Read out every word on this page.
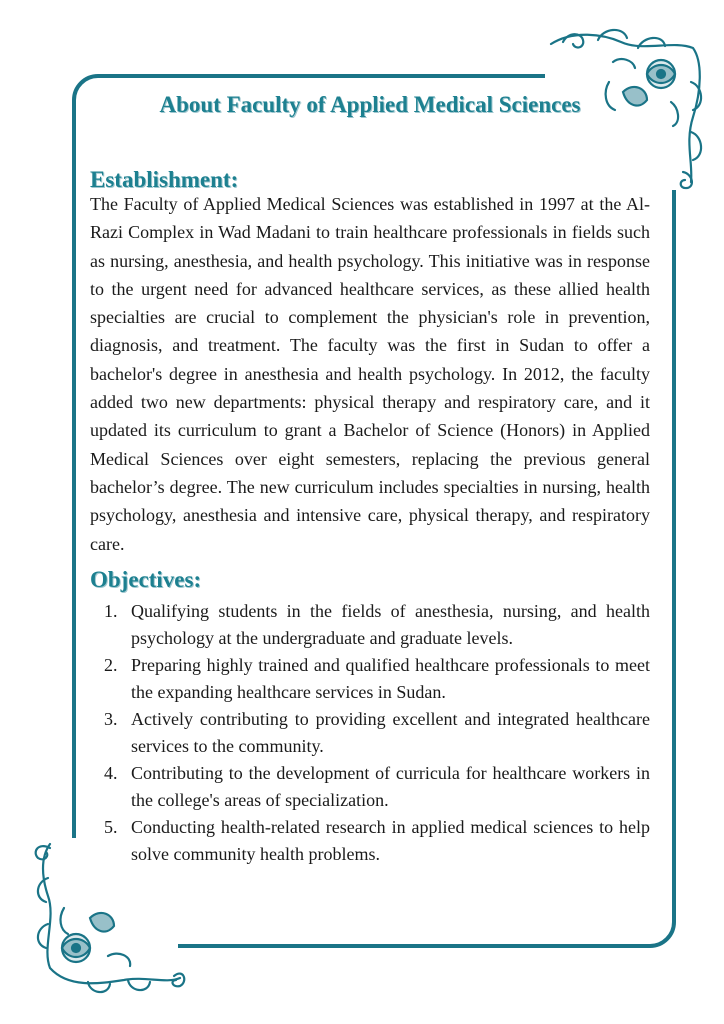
About Faculty of Applied Medical Sciences
Establishment:

The Faculty of Applied Medical Sciences was established in 1997 at the Al-Razi Complex in Wad Madani to train healthcare professionals in fields such as nursing, anesthesia, and health psychology. This initiative was in response to the urgent need for advanced healthcare services, as these allied health specialties are crucial to complement the physician's role in prevention, diagnosis, and treatment. The faculty was the first in Sudan to offer a bachelor's degree in anesthesia and health psychology. In 2012, the faculty added two new departments: physical therapy and respiratory care, and it updated its curriculum to grant a Bachelor of Science (Honors) in Applied Medical Sciences over eight semesters, replacing the previous general bachelor’s degree. The new curriculum includes specialties in nursing, health psychology, anesthesia and intensive care, physical therapy, and respiratory care.

Objectives:
1. Qualifying students in the fields of anesthesia, nursing, and health psychology at the undergraduate and graduate levels.
2. Preparing highly trained and qualified healthcare professionals to meet the expanding healthcare services in Sudan.
3. Actively contributing to providing excellent and integrated healthcare services to the community.
4. Contributing to the development of curricula for healthcare workers in the college's areas of specialization.
5. Conducting health-related research in applied medical sciences to help solve community health problems.
